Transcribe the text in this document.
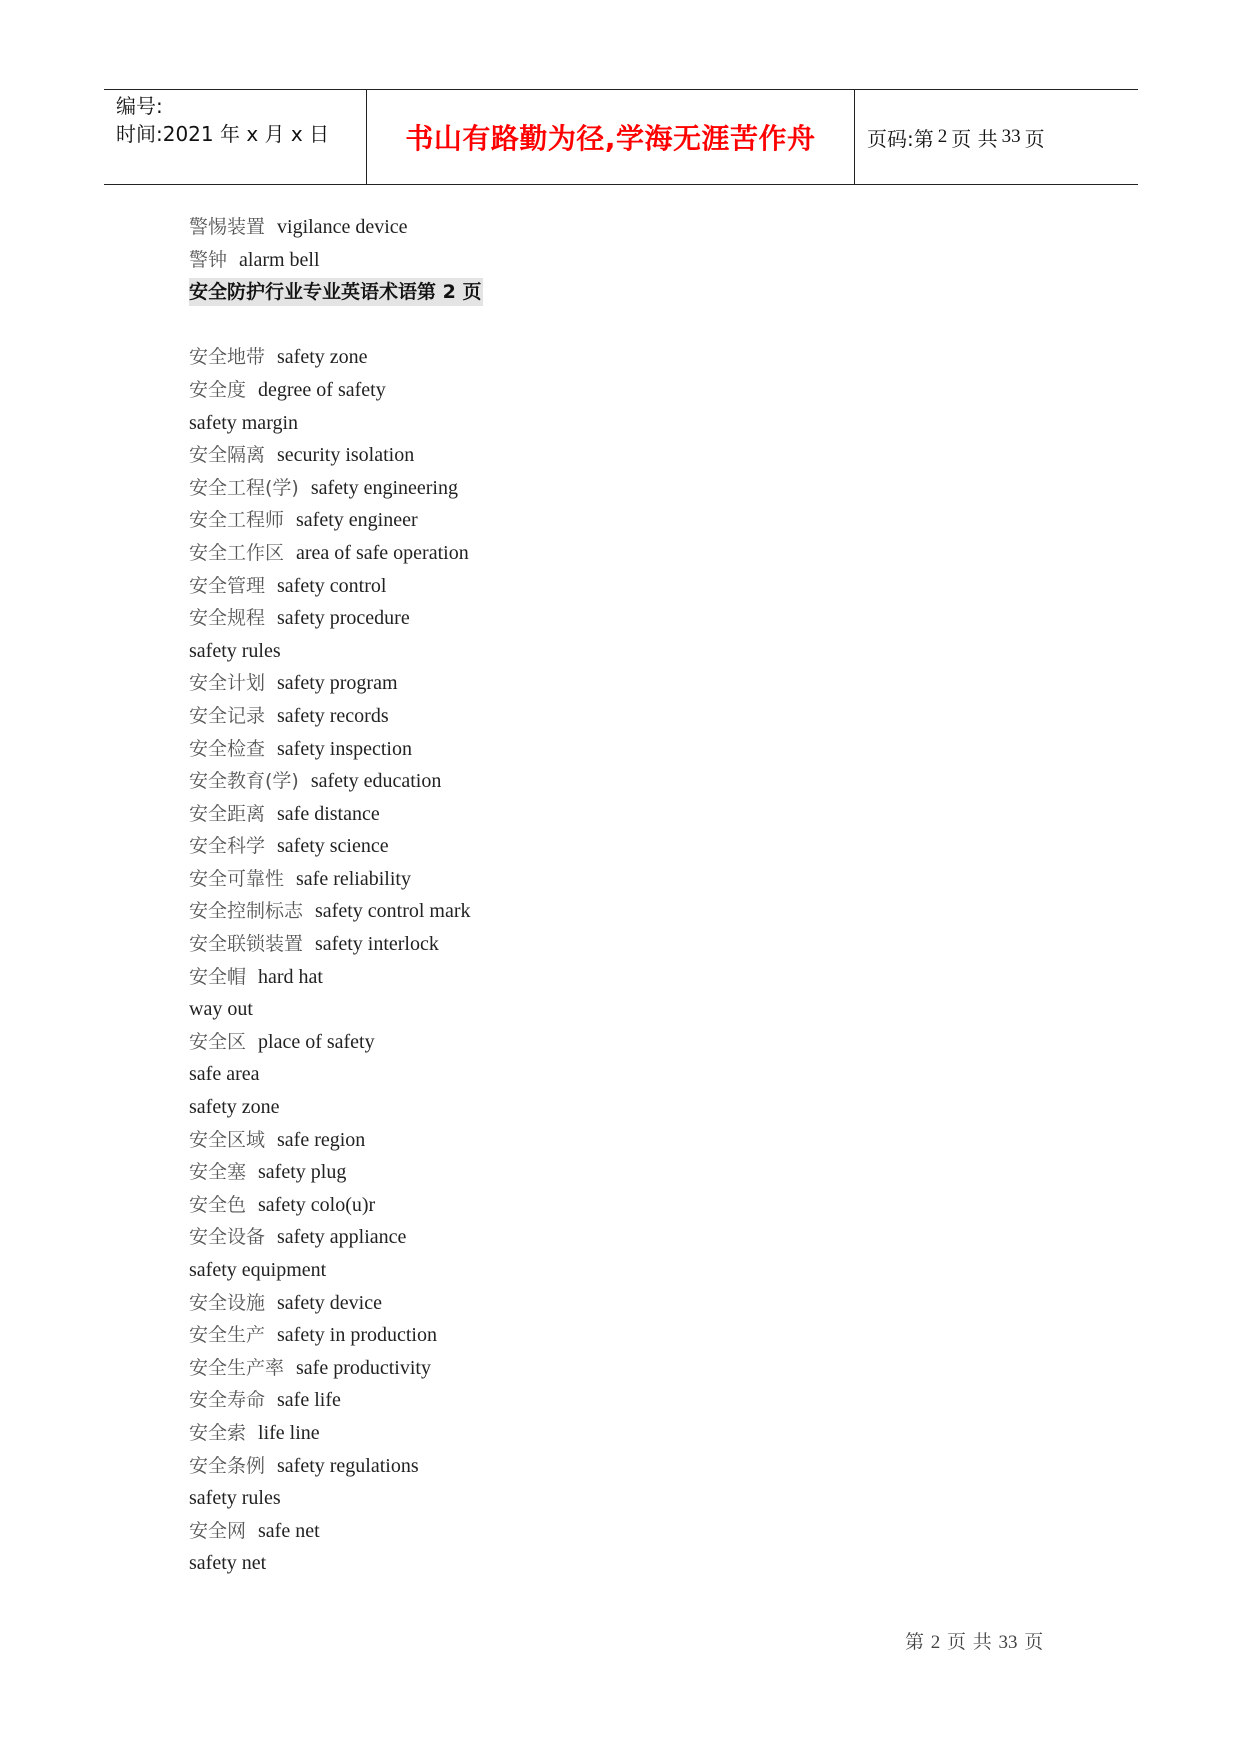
编号:
时间:2021 年 x 月 x 日	书山有路勤为径,学海无涯苦作舟	页码:第 2 页 共 33 页
警惕装置 vigilance device
警钟 alarm bell
安全防护行业专业英语术语第 2 页
安全地带 safety zone
安全度 degree of safety
safety margin
安全隔离 security isolation
安全工程(学) safety engineering
安全工程师 safety engineer
安全工作区 area of safe operation
安全管理 safety control
安全规程 safety procedure
safety rules
安全计划 safety program
安全记录 safety records
安全检查 safety inspection
安全教育(学) safety education
安全距离 safe distance
安全科学 safety science
安全可靠性 safe reliability
安全控制标志 safety control mark
安全联锁装置 safety interlock
安全帽 hard hat
way out
安全区 place of safety
safe area
safety zone
安全区域 safe region
安全塞 safety plug
安全色 safety colo(u)r
安全设备 safety appliance
safety equipment
安全设施 safety device
安全生产 safety in production
安全生产率 safe productivity
安全寿命 safe life
安全索 life line
安全条例 safety regulations
safety rules
安全网 safe net
safety net
第 2 页 共 33 页
